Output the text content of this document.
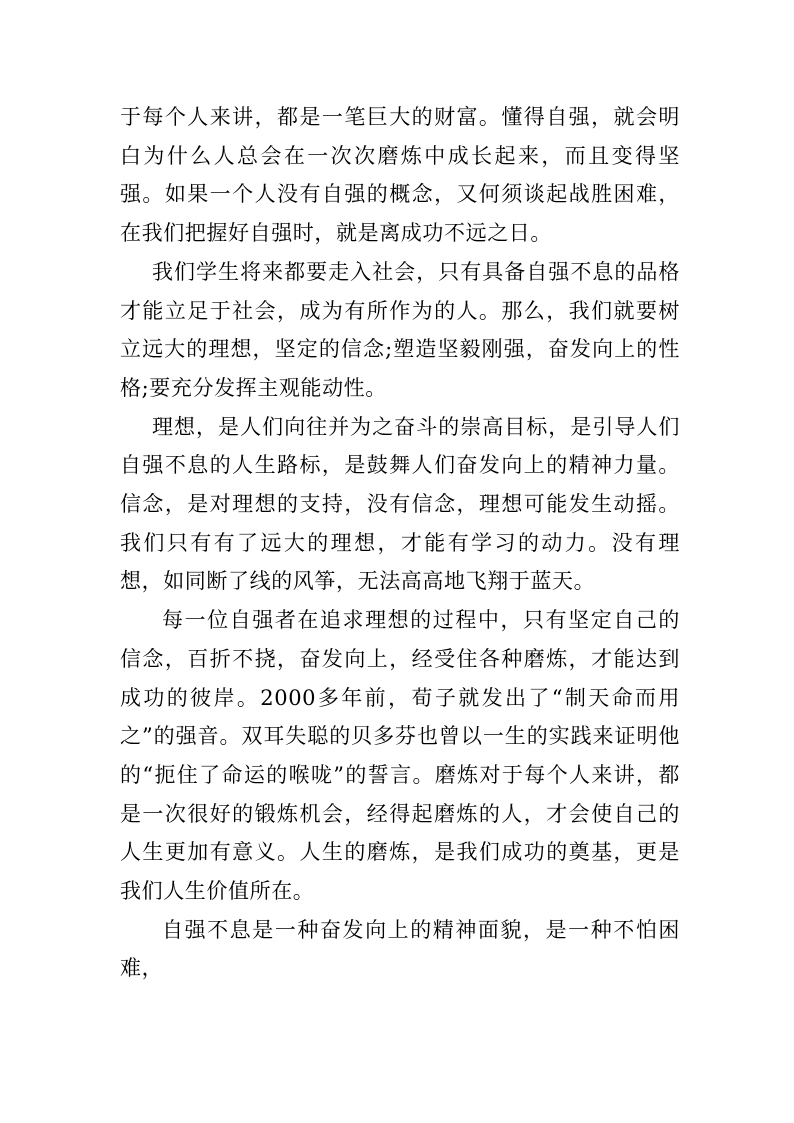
于每个人来讲，都是一笔巨大的财富。懂得自强，就会明白为什么人总会在一次次磨炼中成长起来，而且变得坚强。如果一个人没有自强的概念，又何须谈起战胜困难，在我们把握好自强时，就是离成功不远之日。

我们学生将来都要走入社会，只有具备自强不息的品格才能立足于社会，成为有所作为的人。那么，我们就要树立远大的理想，坚定的信念;塑造坚毅刚强，奋发向上的性格;要充分发挥主观能动性。

理想，是人们向往并为之奋斗的崇高目标，是引导人们自强不息的人生路标，是鼓舞人们奋发向上的精神力量。信念，是对理想的支持，没有信念，理想可能发生动摇。我们只有有了远大的理想，才能有学习的动力。没有理想，如同断了线的风筝，无法高高地飞翔于蓝天。

每一位自强者在追求理想的过程中，只有坚定自己的信念，百折不挠，奋发向上，经受住各种磨炼，才能达到成功的彼岸。2000多年前，荀子就发出了“制天命而用之”的强音。双耳失聪的贝多芬也曾以一生的实践来证明他的“扼住了命运的喉咙”的誓言。磨炼对于每个人来讲，都是一次很好的锻炼机会，经得起磨炼的人，才会使自己的人生更加有意义。人生的磨炼，是我们成功的奠基，更是我们人生价值所在。

自强不息是一种奋发向上的精神面貌，是一种不怕困难，
